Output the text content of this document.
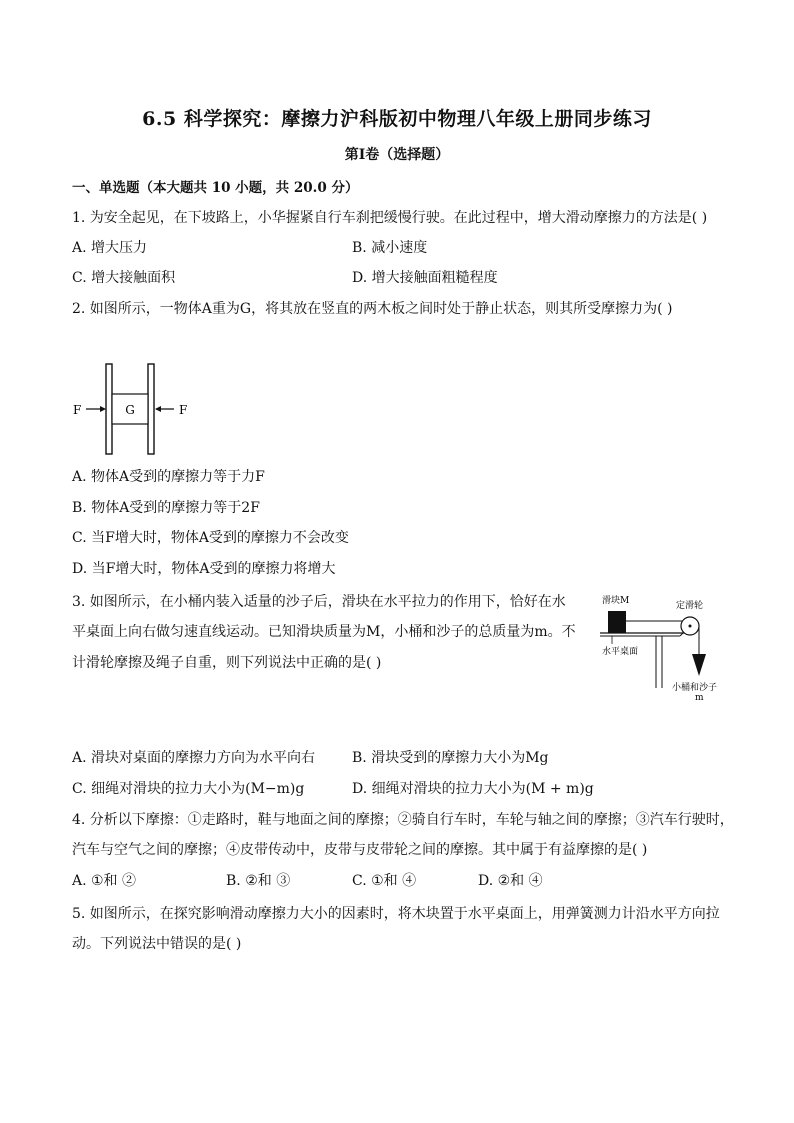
6.5 科学探究：摩擦力沪科版初中物理八年级上册同步练习
第I卷（选择题）
一、单选题（本大题共 10 小题，共 20.0 分）
1. 为安全起见，在下坡路上，小华握紧自行车刹把缓慢行驶。在此过程中，增大滑动摩擦力的方法是( )
A. 增大压力	B. 减小速度
C. 增大接触面积	D. 增大接触面粗糙程度
2. 如图所示，一物体A重为G，将其放在竖直的两木板之间时处于静止状态，则其所受摩擦力为( )
G
F	F
A. 物体A受到的摩擦力等于力F
B. 物体A受到的摩擦力等于2F
C. 当F增大时，物体A受到的摩擦力不会改变
D. 当F增大时，物体A受到的摩擦力将增大
3. 如图所示，在小桶内装入适量的沙子后，滑块在水平拉力的作用下，恰好在水
平桌面上向右做匀速直线运动。已知滑块质量为M，小桶和沙子的总质量为m。不
计滑轮摩擦及绳子自重，则下列说法中正确的是( )
滑块M	定滑轮
水平桌面
小桶和沙子
m
A. 滑块对桌面的摩擦力方向为水平向右	B. 滑块受到的摩擦力大小为Mg
C. 细绳对滑块的拉力大小为(M−m)g	D. 细绳对滑块的拉力大小为(M + m)g
4. 分析以下摩擦：①走路时，鞋与地面之间的摩擦；②骑自行车时，车轮与轴之间的摩擦；③汽车行驶时，
汽车与空气之间的摩擦；④皮带传动中，皮带与皮带轮之间的摩擦。其中属于有益摩擦的是( )
A. ①和 ②	B. ②和 ③	C. ①和 ④	D. ②和 ④
5. 如图所示，在探究影响滑动摩擦力大小的因素时，将木块置于水平桌面上，用弹簧测力计沿水平方向拉
动。下列说法中错误的是( )
